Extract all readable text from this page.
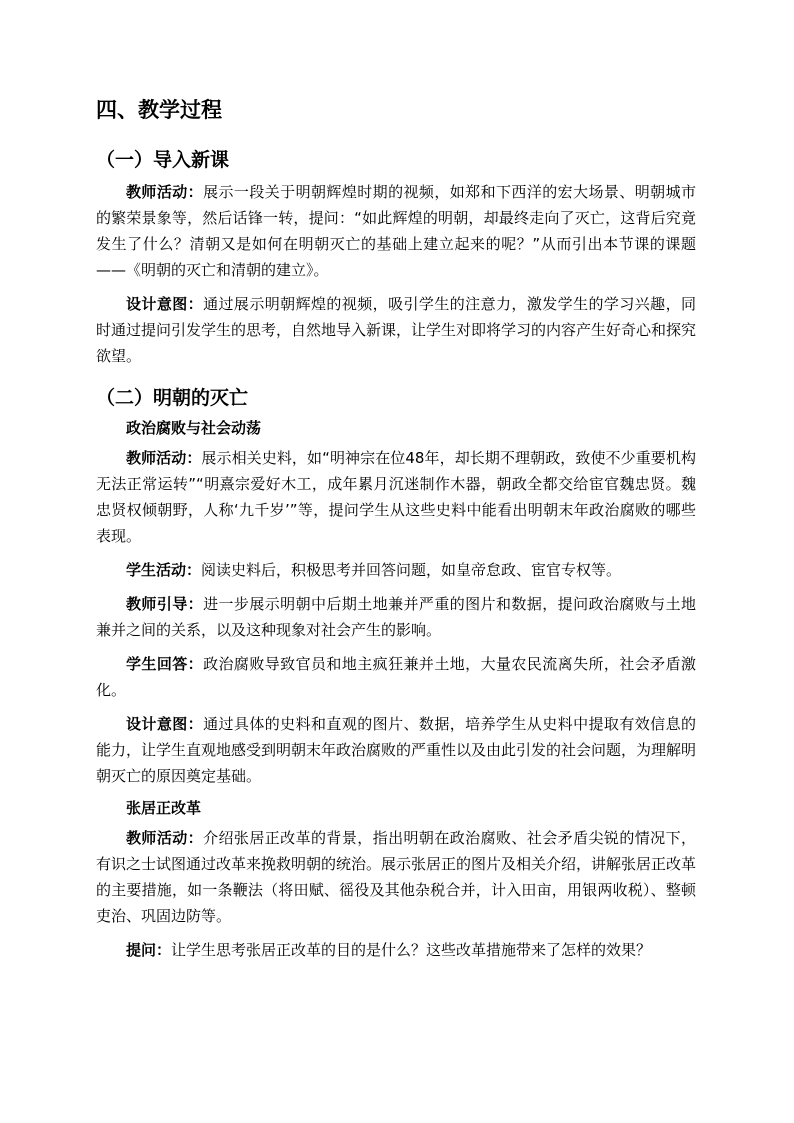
四、教学过程
（一）导入新课

教师活动：展示一段关于明朝辉煌时期的视频，如郑和下西洋的宏大场景、明朝城市的繁荣景象等，然后话锋一转，提问：“如此辉煌的明朝，却最终走向了灭亡，这背后究竟发生了什么？清朝又是如何在明朝灭亡的基础上建立起来的呢？”从而引出本节课的课题——《明朝的灭亡和清朝的建立》。

设计意图：通过展示明朝辉煌的视频，吸引学生的注意力，激发学生的学习兴趣，同时通过提问引发学生的思考，自然地导入新课，让学生对即将学习的内容产生好奇心和探究欲望。

（二）明朝的灭亡

政治腐败与社会动荡

教师活动：展示相关史料，如“明神宗在位48年，却长期不理朝政，致使不少重要机构无法正常运转”“明熹宗爱好木工，成年累月沉迷制作木器，朝政全都交给宦官魏忠贤。魏忠贤权倾朝野，人称‘九千岁’”等，提问学生从这些史料中能看出明朝末年政治腐败的哪些表现。

学生活动：阅读史料后，积极思考并回答问题，如皇帝怠政、宦官专权等。

教师引导：进一步展示明朝中后期土地兼并严重的图片和数据，提问政治腐败与土地兼并之间的关系，以及这种现象对社会产生的影响。

学生回答：政治腐败导致官员和地主疯狂兼并土地，大量农民流离失所，社会矛盾激化。

设计意图：通过具体的史料和直观的图片、数据，培养学生从史料中提取有效信息的能力，让学生直观地感受到明朝末年政治腐败的严重性以及由此引发的社会问题，为理解明朝灭亡的原因奠定基础。

张居正改革

教师活动：介绍张居正改革的背景，指出明朝在政治腐败、社会矛盾尖锐的情况下，有识之士试图通过改革来挽救明朝的统治。展示张居正的图片及相关介绍，讲解张居正改革的主要措施，如一条鞭法（将田赋、徭役及其他杂税合并，计入田亩，用银两收税）、整顿吏治、巩固边防等。

提问：让学生思考张居正改革的目的是什么？这些改革措施带来了怎样的效果？
